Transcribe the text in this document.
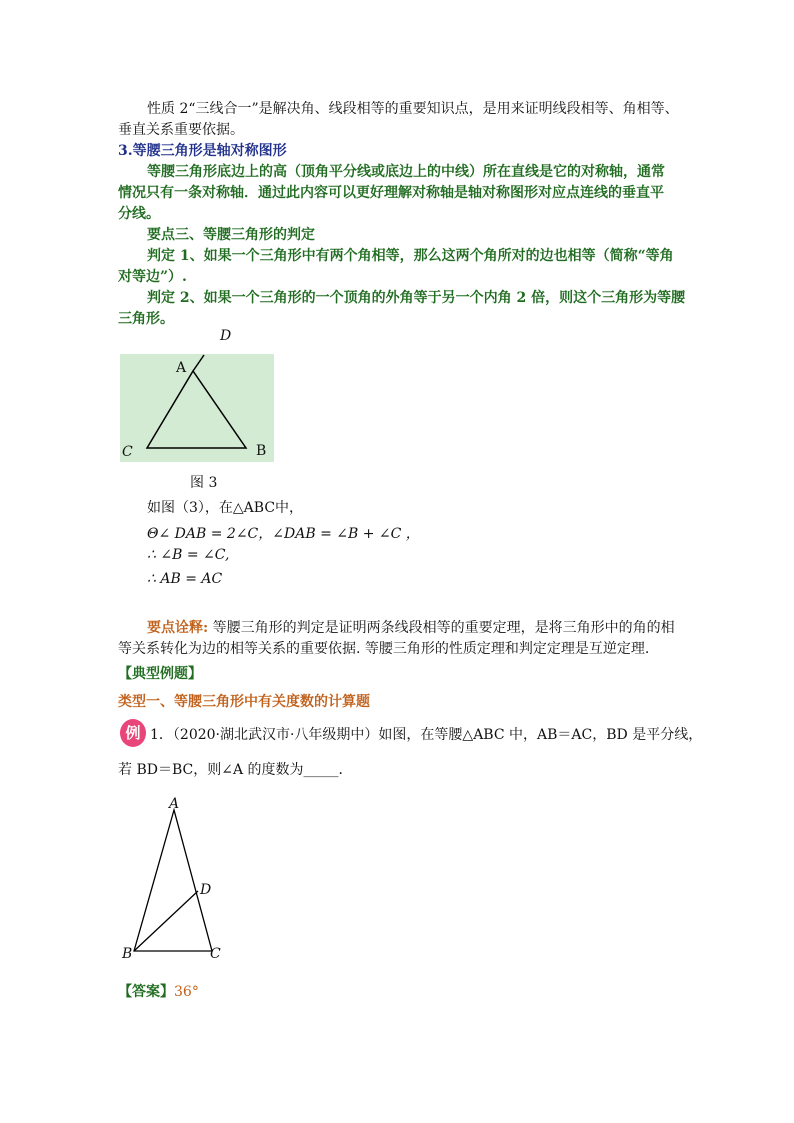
性质 2“三线合一”是解决角、线段相等的重要知识点，是用来证明线段相等、角相等、
垂直关系重要依据。
3.等腰三角形是轴对称图形
等腰三角形底边上的高（顶角平分线或底边上的中线）所在直线是它的对称轴，通常
情况只有一条对称轴．通过此内容可以更好理解对称轴是轴对称图形对应点连线的垂直平
分线。
要点三、等腰三角形的判定
判定 1、如果一个三角形中有两个角相等，那么这两个角所对的边也相等（简称“等角
对等边”）.
判定 2、如果一个三角形的一个顶角的外角等于另一个内角 2 倍，则这个三角形为等腰
三角形。
D
A
C	B
图 3
如图（3），在△ABC中，
Θ∠ DAB = 2∠C，∠DAB = ∠B + ∠C ，
∴ ∠B = ∠C,
∴ AB = AC
要点诠释: 等腰三角形的判定是证明两条线段相等的重要定理，是将三角形中的角的相
等关系转化为边的相等关系的重要依据. 等腰三角形的性质定理和判定定理是互逆定理.
【典型例题】
类型一、等腰三角形中有关度数的计算题
例 1．（2020·湖北武汉市·八年级期中）如图，在等腰△ABC 中，AB＝AC，BD 是平分线，
若 BD＝BC，则∠A 的度数为_____．
A
D
B	C
【答案】36°
